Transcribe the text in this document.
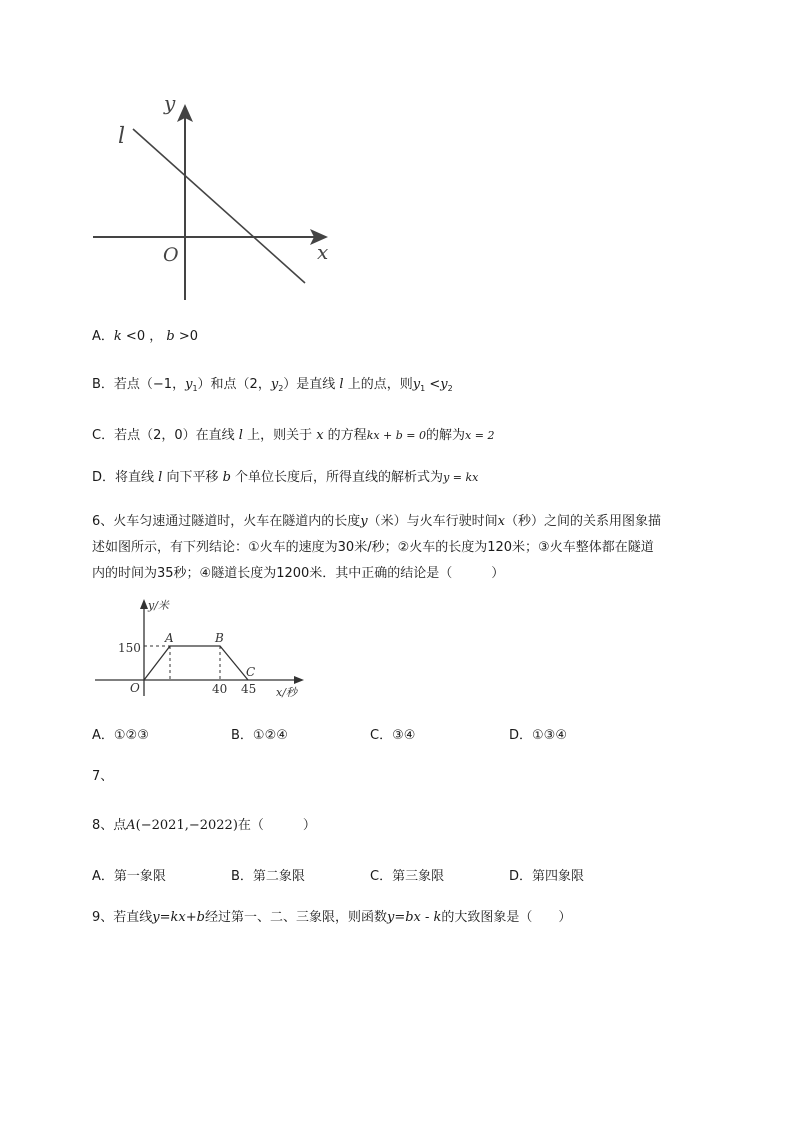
l
y
x
O
A．k <0 ， b >0
B．若点（−1，$y_1$）和点（2，$y_2$）是直线 l 上的点，则$y_1 <y_2$
C．若点（2，0）在直线 l 上，则关于 x 的方程kx + b = 0的解为x = 2
D．将直线 l 向下平移 b 个单位长度后，所得直线的解析式为y = kx
6、火车匀速通过隧道时，火车在隧道内的长度y（米）与火车行驶时间x（秒）之间的关系用图象描
述如图所示，有下列结论：①火车的速度为30米/秒；②火车的长度为120米；③火车整体都在隧道
内的时间为35秒；④隧道长度为1200米．其中正确的结论是（　　　）
y/米
150
A	B
C
O	40 45 x/秒
A．①②③	B．①②④	C．③④	D．①③④
7、
8、点A(−2021,−2022)在（　　　）
A．第一象限	B．第二象限	C．第三象限	D．第四象限
9、若直线y=kx+b经过第一、二、三象限，则函数y=bx - k的大致图象是（　　）
